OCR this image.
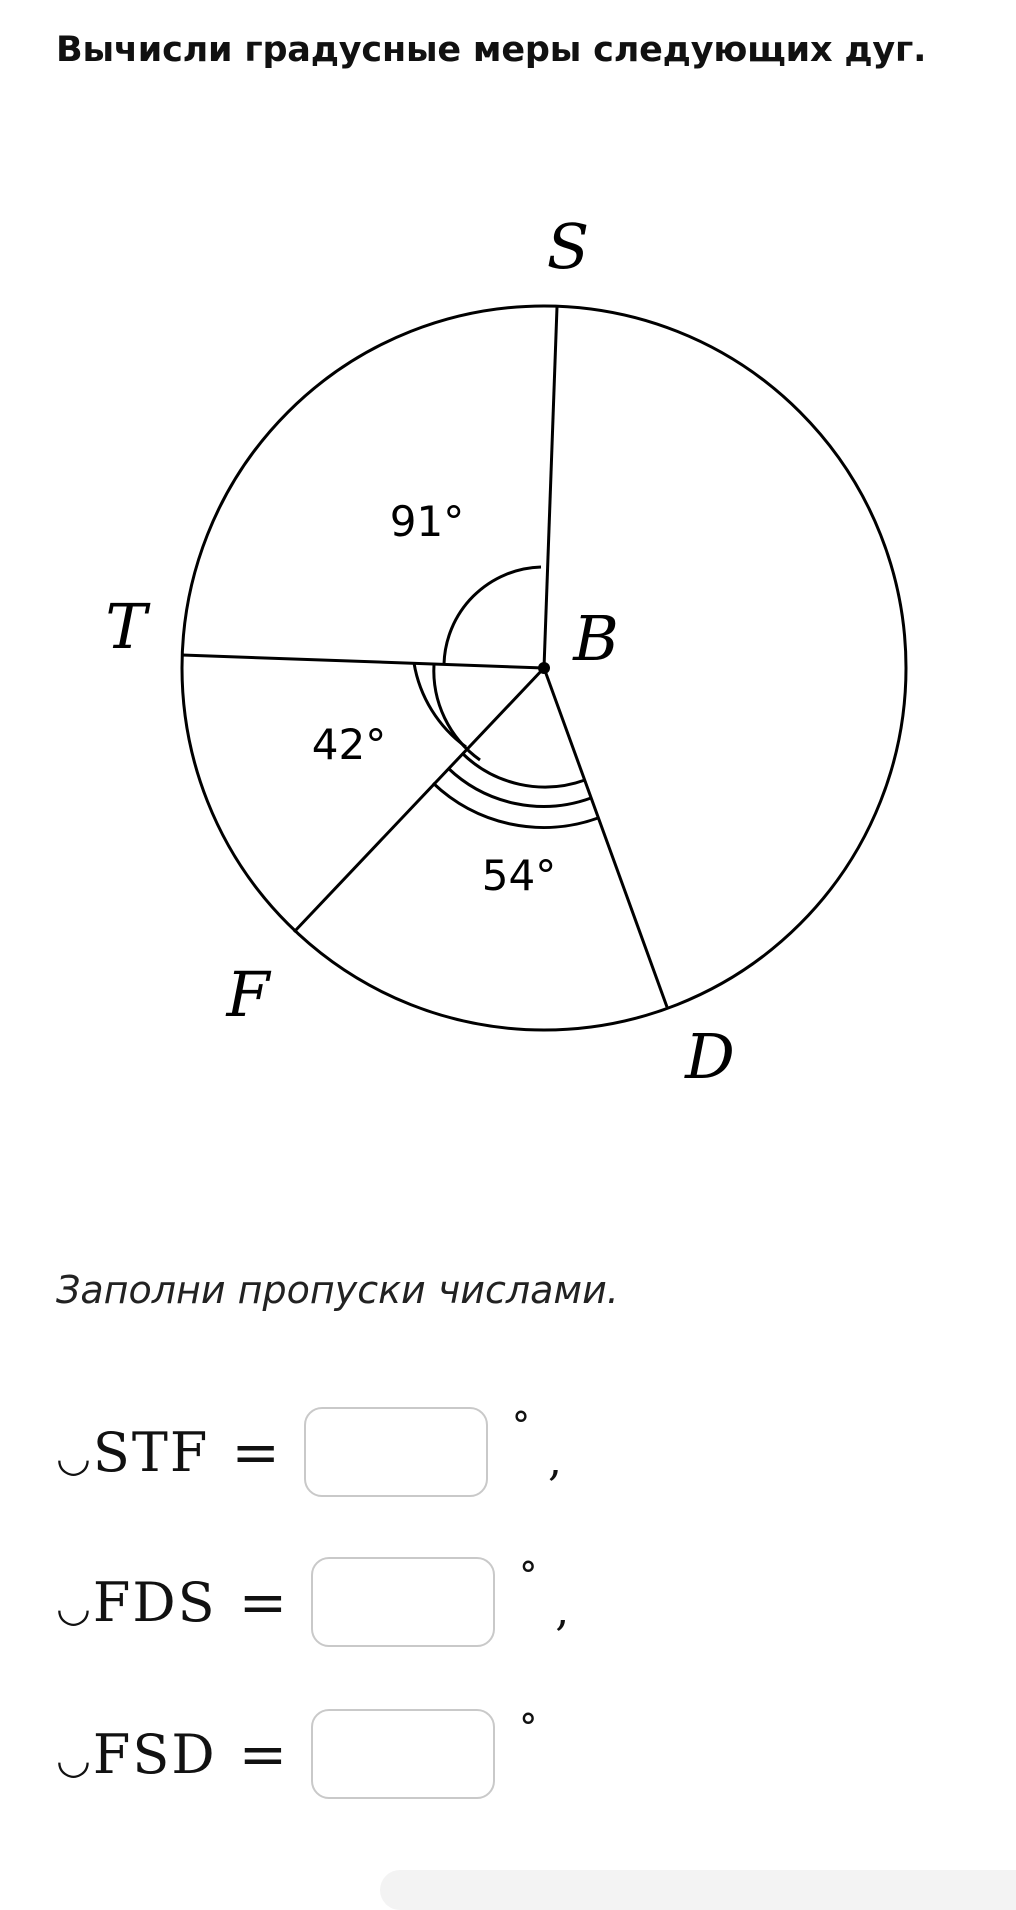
Вычисли градусные меры следующих дуг.
S
T	B
F
D
91°
42°
54°
Заполни пропуски числами.
◡ STF =	°
,
◡ FDS =	°
,
◡ FSD =	°
